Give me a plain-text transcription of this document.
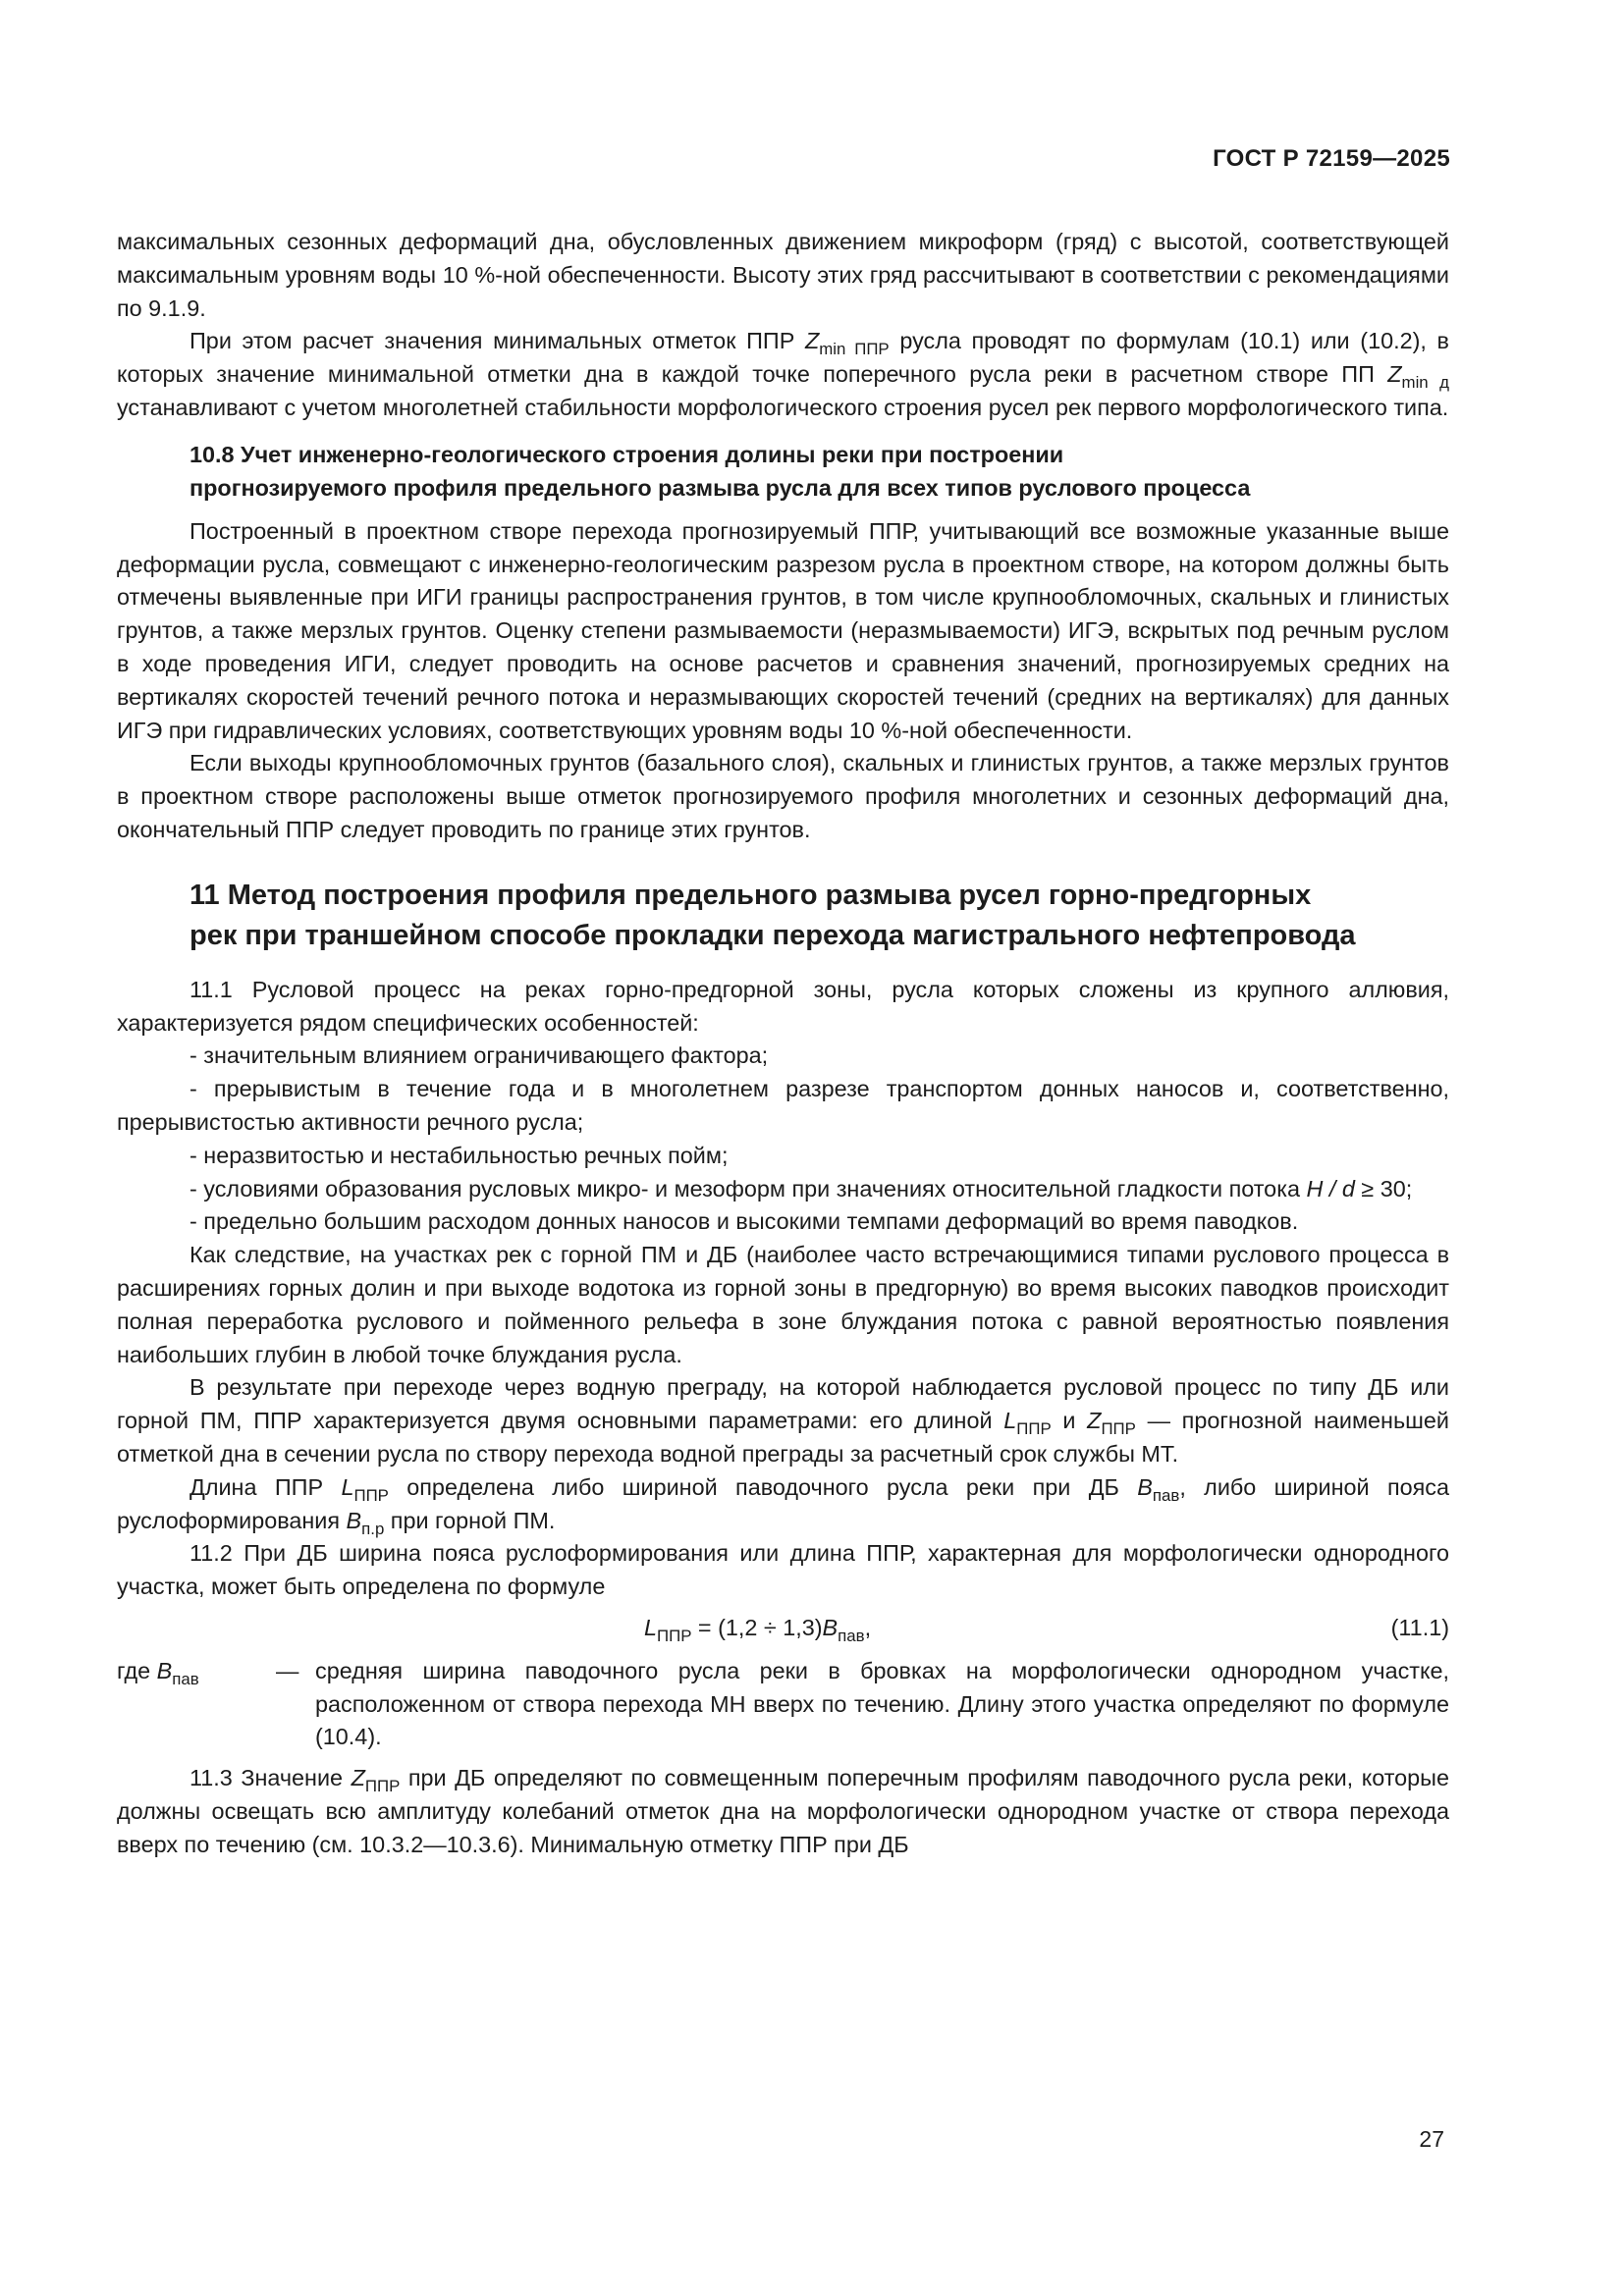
ГОСТ Р 72159—2025

максимальных сезонных деформаций дна, обусловленных движением микроформ (гряд) с высотой, соответствующей максимальным уровням воды 10 %-ной обеспеченности. Высоту этих гряд рассчитывают в соответствии с рекомендациями по 9.1.9.

При этом расчет значения минимальных отметок ППР $Z_{min ППР}$ русла проводят по формулам (10.1) или (10.2), в которых значение минимальной отметки дна в каждой точке поперечного русла реки в расчетном створе ПП $Z_{min д}$ устанавливают с учетом многолетней стабильности морфологического строения русел рек первого морфологического типа.

10.8 Учет инженерно-геологического строения долины реки при построении
прогнозируемого профиля предельного размыва русла для всех типов руслового процесса

Построенный в проектном створе перехода прогнозируемый ППР, учитывающий все возможные указанные выше деформации русла, совмещают с инженерно-геологическим разрезом русла в проектном створе, на котором должны быть отмечены выявленные при ИГИ границы распространения грунтов, в том числе крупнообломочных, скальных и глинистых грунтов, а также мерзлых грунтов. Оценку степени размываемости (неразмываемости) ИГЭ, вскрытых под речным руслом в ходе проведения ИГИ, следует проводить на основе расчетов и сравнения значений, прогнозируемых средних на вертикалях скоростей течений речного потока и неразмывающих скоростей течений (средних на вертикалях) для данных ИГЭ при гидравлических условиях, соответствующих уровням воды 10 %-ной обеспеченности.

Если выходы крупнообломочных грунтов (базального слоя), скальных и глинистых грунтов, а также мерзлых грунтов в проектном створе расположены выше отметок прогнозируемого профиля многолетних и сезонных деформаций дна, окончательный ППР следует проводить по границе этих грунтов.

11 Метод построения профиля предельного размыва русел горно-предгорных
рек при траншейном способе прокладки перехода магистрального нефтепровода

11.1 Русловой процесс на реках горно-предгорной зоны, русла которых сложены из крупного аллювия, характеризуется рядом специфических особенностей:

- значительным влиянием ограничивающего фактора;

- прерывистым в течение года и в многолетнем разрезе транспортом донных наносов и, соответственно, прерывистостью активности речного русла;

- неразвитостью и нестабильностью речных пойм;

- условиями образования русловых микро- и мезоформ при значениях относительной гладкости потока H / d ≥ 30;

- предельно большим расходом донных наносов и высокими темпами деформаций во время паводков.

Как следствие, на участках рек с горной ПМ и ДБ (наиболее часто встречающимися типами руслового процесса в расширениях горных долин и при выходе водотока из горной зоны в предгорную) во время высоких паводков происходит полная переработка руслового и пойменного рельефа в зоне блуждания потока с равной вероятностью появления наибольших глубин в любой точке блуждания русла.

В результате при переходе через водную преграду, на которой наблюдается русловой процесс по типу ДБ или горной ПМ, ППР характеризуется двумя основными параметрами: его длиной $L_{ППР}$ и $Z_{ППР}$ — прогнозной наименьшей отметкой дна в сечении русла по створу перехода водной преграды за расчетный срок службы МТ.

Длина ППР $L_{ППР}$ определена либо шириной паводочного русла реки при ДБ $B_{пав}$, либо шириной пояса руслоформирования $B_{п.р}$ при горной ПМ.

11.2 При ДБ ширина пояса руслоформирования или длина ППР, характерная для морфологически однородного участка, может быть определена по формуле

$L_{ППР} = (1,2 \div 1,3)B_{пав}$,	(11.1)
где $B_{пав}$	— средняя ширина паводочного русла реки в бровках на морфологически однородном участке, расположенном от створа перехода МН вверх по течению. Длину этого участка определяют по формуле (10.4).

11.3 Значение $Z_{ППР}$ при ДБ определяют по совмещенным поперечным профилям паводочного русла реки, которые должны освещать всю амплитуду колебаний отметок дна на морфологически однородном участке от створа перехода вверх по течению (см. 10.3.2—10.3.6). Минимальную отметку ППР при ДБ

27
